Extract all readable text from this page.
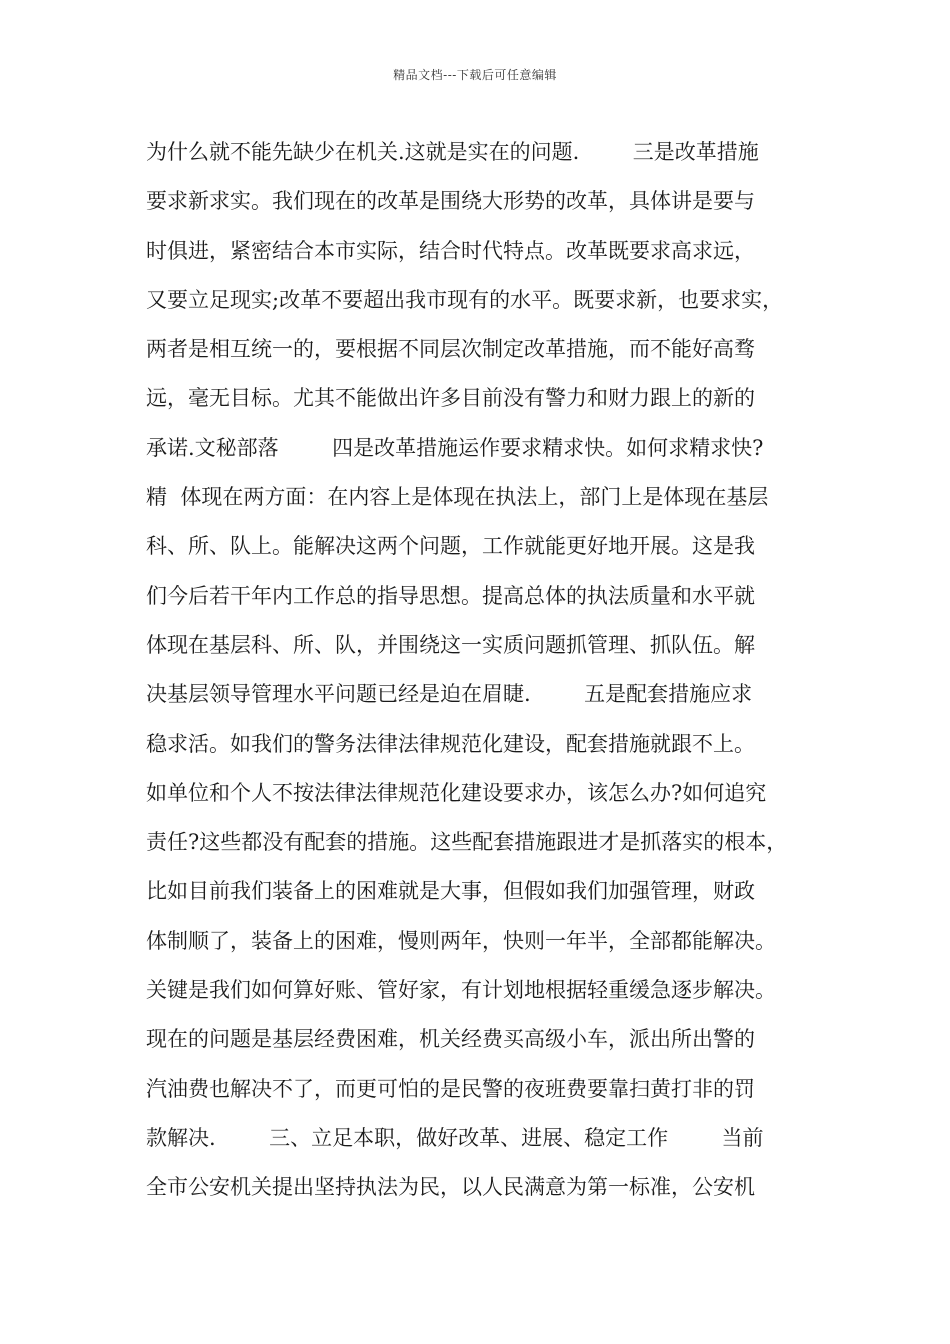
精品文档---下载后可任意编辑
为什么就不能先缺少在机关.这就是实在的问题.        三是改革措施
要求新求实。我们现在的改革是围绕大形势的改革，具体讲是要与
时俱进，紧密结合本市实际，结合时代特点。改革既要求高求远，
又要立足现实;改革不要超出我市现有的水平。既要求新，也要求实，
两者是相互统一的，要根据不同层次制定改革措施，而不能好高骛
远，毫无目标。尤其不能做出许多目前没有警力和财力跟上的新的
承诺.文秘部落        四是改革措施运作要求精求快。如何求精求快?
精  体现在两方面：在内容上是体现在执法上，部门上是体现在基层
科、所、队上。能解决这两个问题，工作就能更好地开展。这是我
们今后若干年内工作总的指导思想。提高总体的执法质量和水平就
体现在基层科、所、队，并围绕这一实质问题抓管理、抓队伍。解
决基层领导管理水平问题已经是迫在眉睫.        五是配套措施应求
稳求活。如我们的警务法律法律规范化建设，配套措施就跟不上。
如单位和个人不按法律法律规范化建设要求办，该怎么办?如何追究
责任?这些都没有配套的措施。这些配套措施跟进才是抓落实的根本，
比如目前我们装备上的困难就是大事，但假如我们加强管理，财政
体制顺了，装备上的困难，慢则两年，快则一年半，全部都能解决。
关键是我们如何算好账、管好家，有计划地根据轻重缓急逐步解决。
现在的问题是基层经费困难，机关经费买高级小车，派出所出警的
汽油费也解决不了，而更可怕的是民警的夜班费要靠扫黄打非的罚
款解决.        三、立足本职，做好改革、进展、稳定工作        当前
全市公安机关提出坚持执法为民，以人民满意为第一标准，公安机
